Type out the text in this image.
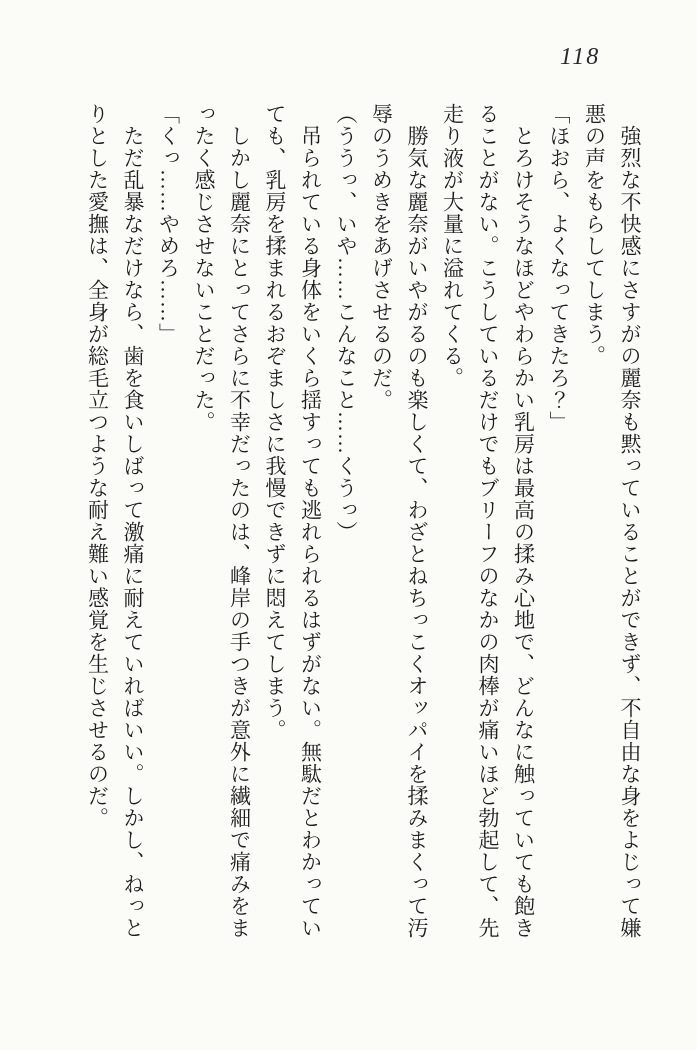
118

　強烈な不快感にさすがの麗奈も黙っていることができず、不自由な身をよじって嫌悪の声をもらしてしまう。

「ほおら、よくなってきたろ？」

　とろけそうなほどやわらかい乳房は最高の揉み心地で、どんなに触っていても飽きることがない。こうしているだけでもブリーフのなかの肉棒が痛いほど勃起して、先走り液が大量に溢れてくる。

　勝気な麗奈がいやがるのも楽しくて、わざとねちっこくオッパイを揉みまくって汚辱のうめきをあげさせるのだ。

（ううっ、いや……こんなこと……くうっ）

　吊られている身体をいくら揺すっても逃れられるはずがない。無駄だとわかっていても、乳房を揉まれるおぞましさに我慢できずに悶えてしまう。

　しかし麗奈にとってさらに不幸だったのは、峰岸の手つきが意外に繊細で痛みをまったく感じさせないことだった。

「くっ……やめろ……」

　ただ乱暴なだけなら、歯を食いしばって激痛に耐えていればいい。しかし、ねっとりとした愛撫は、全身が総毛立つような耐え難い感覚を生じさせるのだ。
